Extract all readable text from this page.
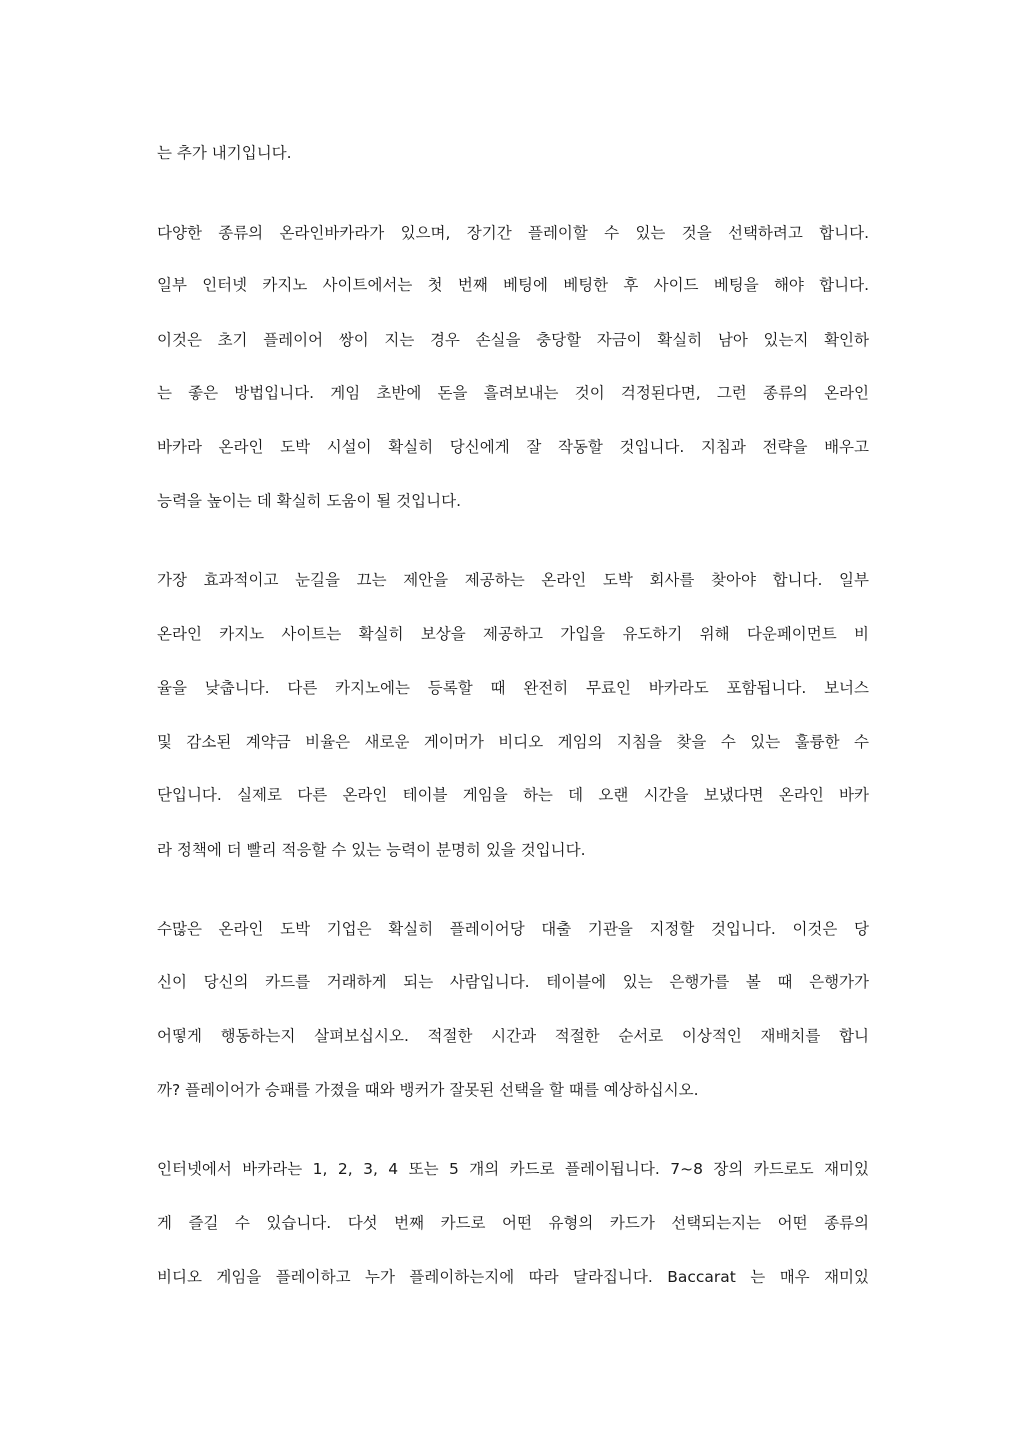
는 추가 내기입니다.
다양한 종류의 온라인바카라가 있으며, 장기간 플레이할 수 있는 것을 선택하려고 합니다.
일부 인터넷 카지노 사이트에서는 첫 번째 베팅에 베팅한 후 사이드 베팅을 해야 합니다.
이것은 초기 플레이어 쌍이 지는 경우 손실을 충당할 자금이 확실히 남아 있는지 확인하
는 좋은 방법입니다. 게임 초반에 돈을 흘려보내는 것이 걱정된다면, 그런 종류의 온라인
바카라 온라인 도박 시설이 확실히 당신에게 잘 작동할 것입니다. 지침과 전략을 배우고
능력을 높이는 데 확실히 도움이 될 것입니다.
가장 효과적이고 눈길을 끄는 제안을 제공하는 온라인 도박 회사를 찾아야 합니다. 일부
온라인 카지노 사이트는 확실히 보상을 제공하고 가입을 유도하기 위해 다운페이먼트 비
율을 낮춥니다. 다른 카지노에는 등록할 때 완전히 무료인 바카라도 포함됩니다. 보너스
및 감소된 계약금 비율은 새로운 게이머가 비디오 게임의 지침을 찾을 수 있는 훌륭한 수
단입니다. 실제로 다른 온라인 테이블 게임을 하는 데 오랜 시간을 보냈다면 온라인 바카
라 정책에 더 빨리 적응할 수 있는 능력이 분명히 있을 것입니다.
수많은 온라인 도박 기업은 확실히 플레이어당 대출 기관을 지정할 것입니다. 이것은 당
신이 당신의 카드를 거래하게 되는 사람입니다. 테이블에 있는 은행가를 볼 때 은행가가
어떻게 행동하는지 살펴보십시오. 적절한 시간과 적절한 순서로 이상적인 재배치를 합니
까? 플레이어가 승패를 가졌을 때와 뱅커가 잘못된 선택을 할 때를 예상하십시오.
인터넷에서 바카라는 1, 2, 3, 4 또는 5 개의 카드로 플레이됩니다. 7~8 장의 카드로도 재미있
게 즐길 수 있습니다. 다섯 번째 카드로 어떤 유형의 카드가 선택되는지는 어떤 종류의
비디오 게임을 플레이하고 누가 플레이하는지에 따라 달라집니다. Baccarat 는 매우 재미있
